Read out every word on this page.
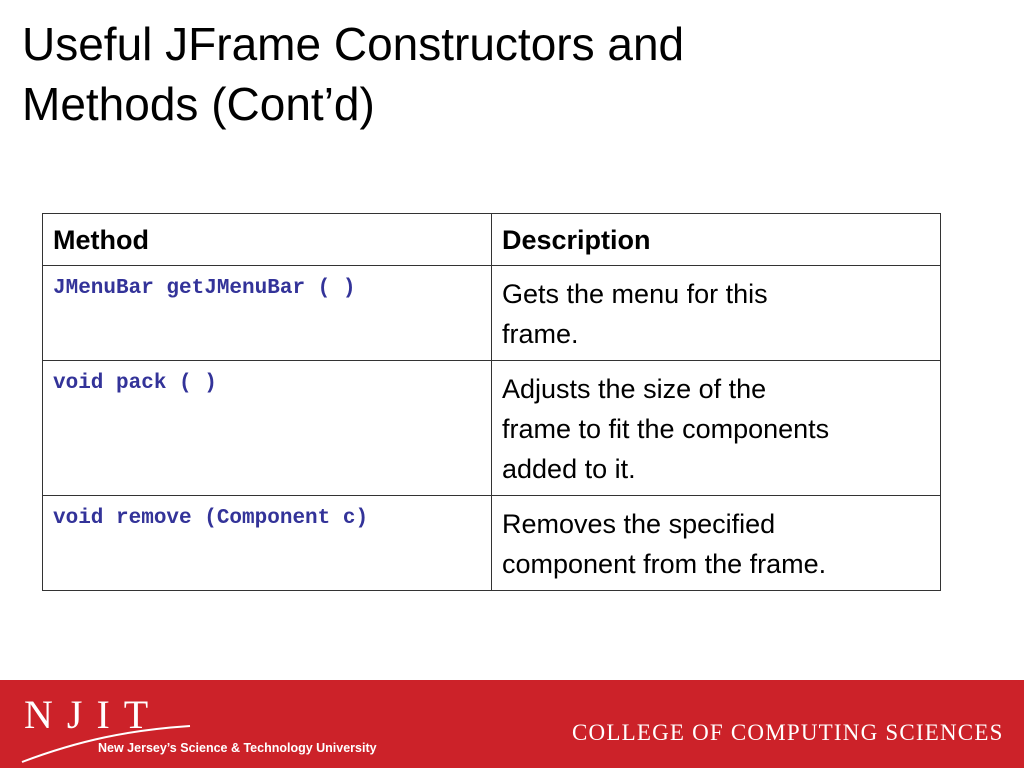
Useful JFrame Constructors and
Methods (Cont’d)
Method	Description
JMenuBar getJMenuBar ( )	Gets the menu for this
frame.

void pack ( )	Adjusts the size of the
frame to fit the components
added to it.

void remove (Component c)	Removes the specified
component from the frame.
NJIT
New Jersey’s Science & Technology University
COLLEGE OF COMPUTING SCIENCES
